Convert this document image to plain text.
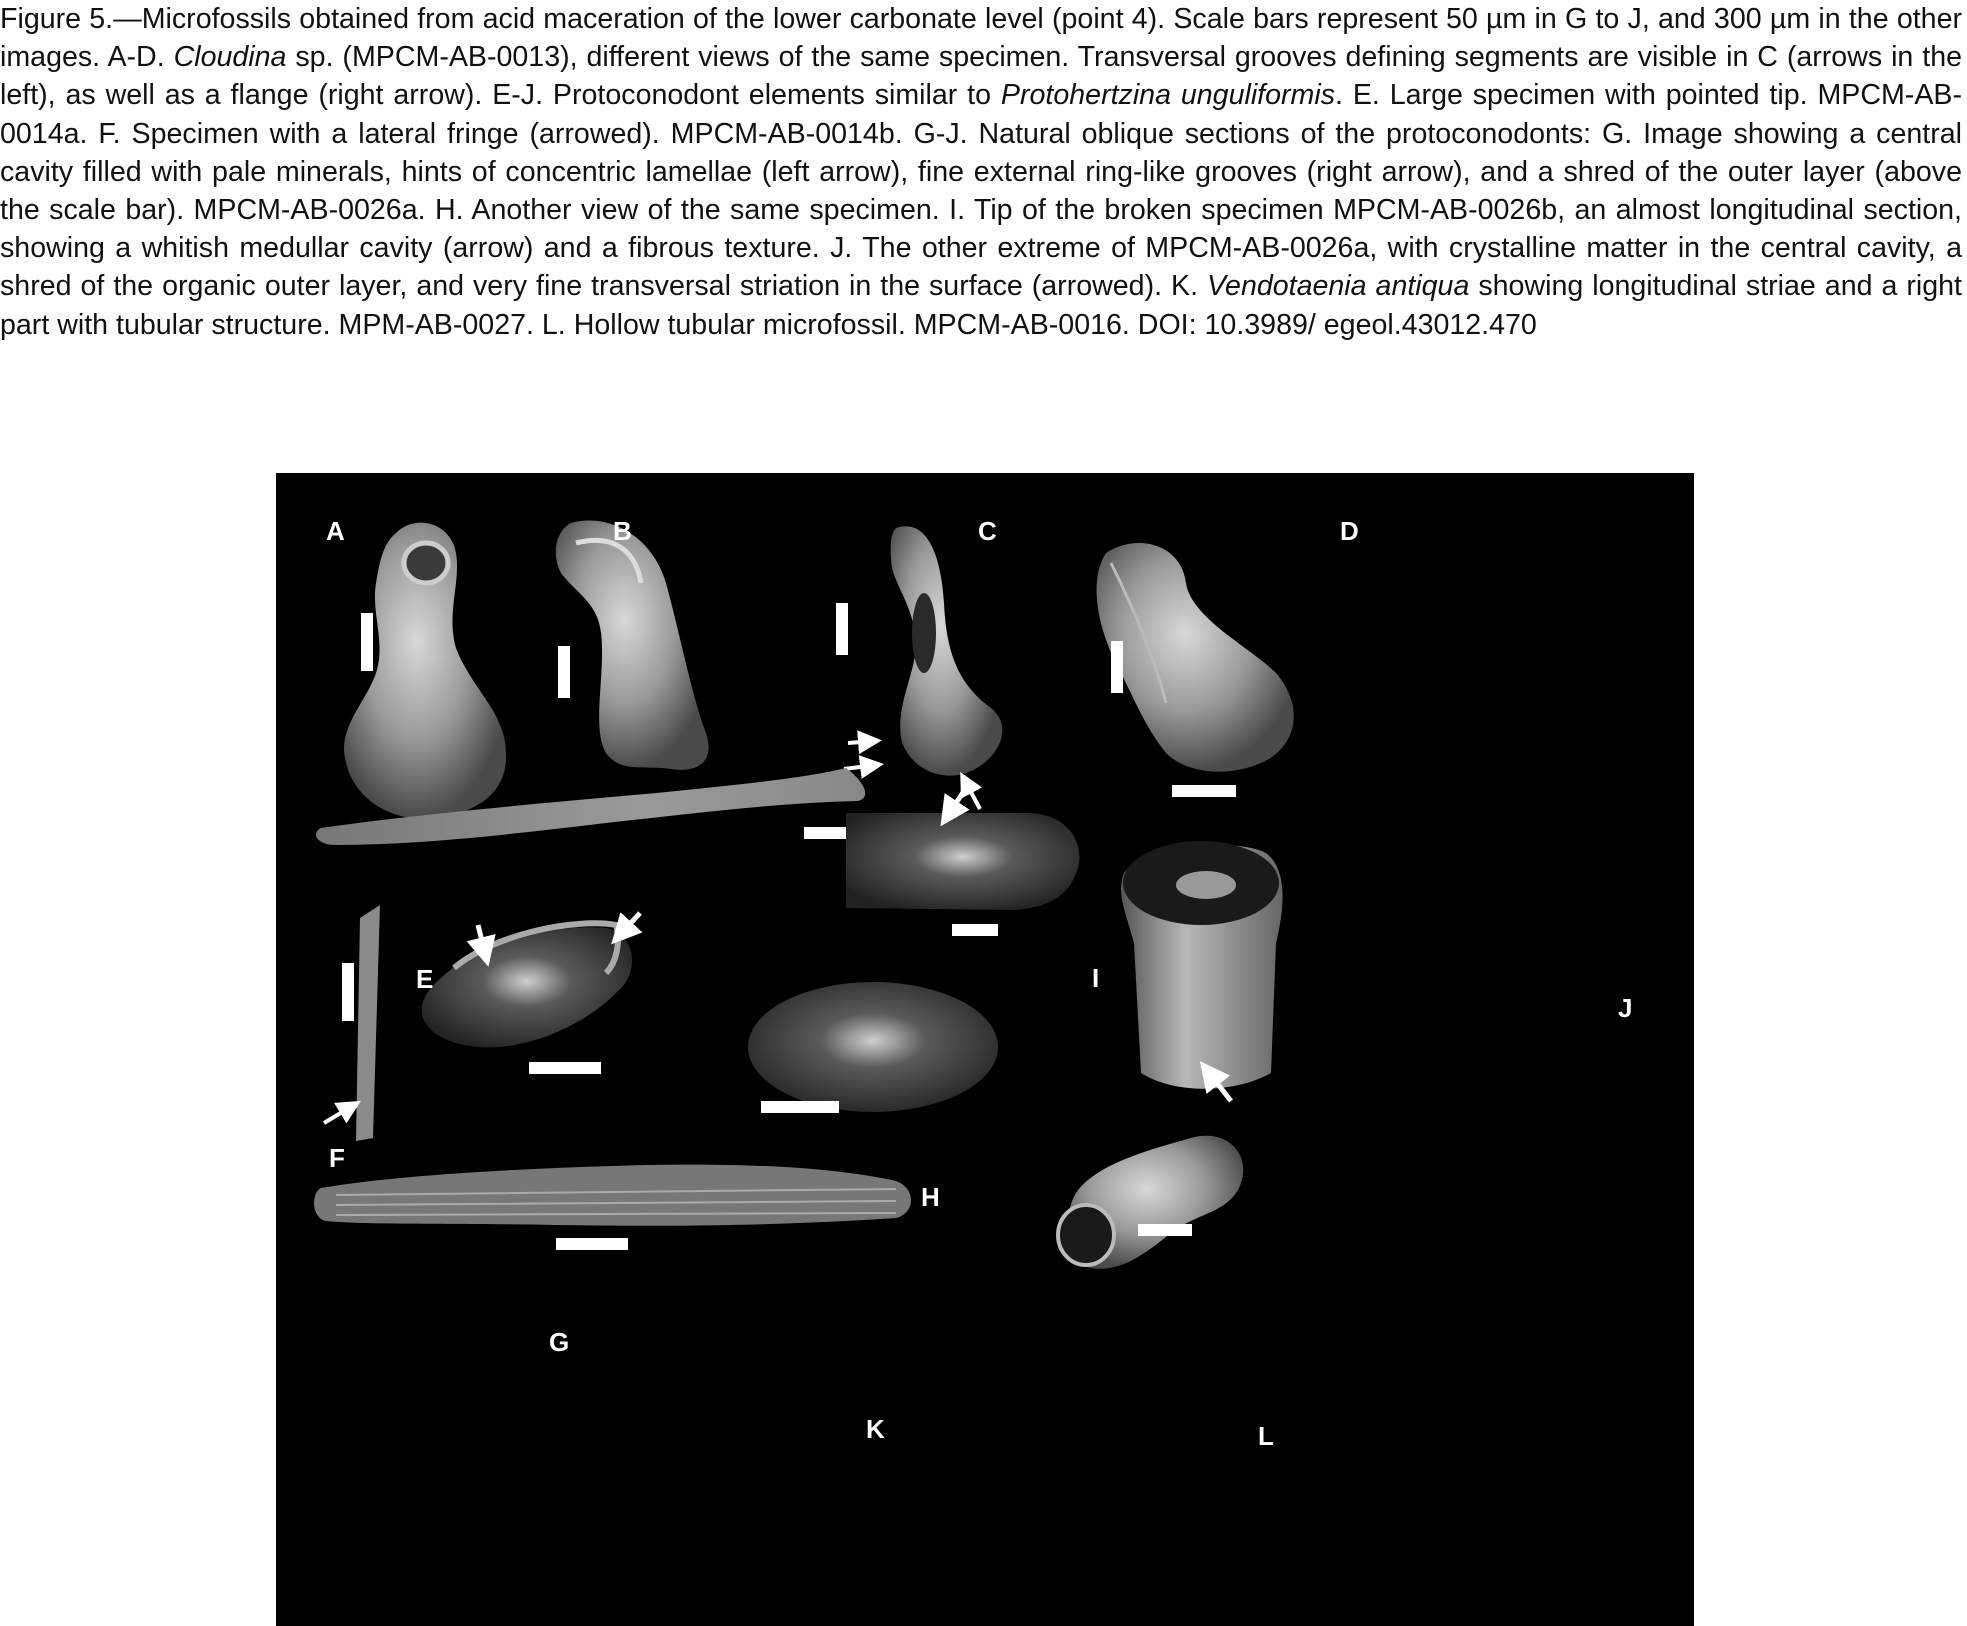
Figure 5.—Microfossils obtained from acid maceration of the lower carbonate level (point 4). Scale bars represent 50 µm in G to J, and 300 µm in the other images. A-D. Cloudina sp. (MPCM-AB-0013), different views of the same specimen. Transversal grooves defining segments are visible in C (arrows in the left), as well as a flange (right arrow). E-J. Protoconodont elements similar to Protohertzina unguliformis. E. Large specimen with pointed tip. MPCM-AB-0014a. F. Specimen with a lateral fringe (arrowed). MPCM-AB-0014b. G-J. Natural oblique sections of the protoconodonts: G. Image showing a central cavity filled with pale minerals, hints of concentric lamellae (left arrow), fine external ring-like grooves (right arrow), and a shred of the outer layer (above the scale bar). MPCM-AB-0026a. H. Another view of the same specimen. I. Tip of the broken specimen MPCM-AB-0026b, an almost longitudinal section, showing a whitish medullar cavity (arrow) and a fibrous texture. J. The other extreme of MPCM-AB-0026a, with crystalline matter in the central cavity, a shred of the organic outer layer, and very fine transversal striation in the surface (arrowed). K. Vendotaenia antiqua showing longitudinal striae and a right part with tubular structure. MPM-AB-0027. L. Hollow tubular microfossil. MPCM-AB-0016. DOI: 10.3989/ egeol.43012.470
A	B	C	D
E
F
G
H
I
J
K	L
